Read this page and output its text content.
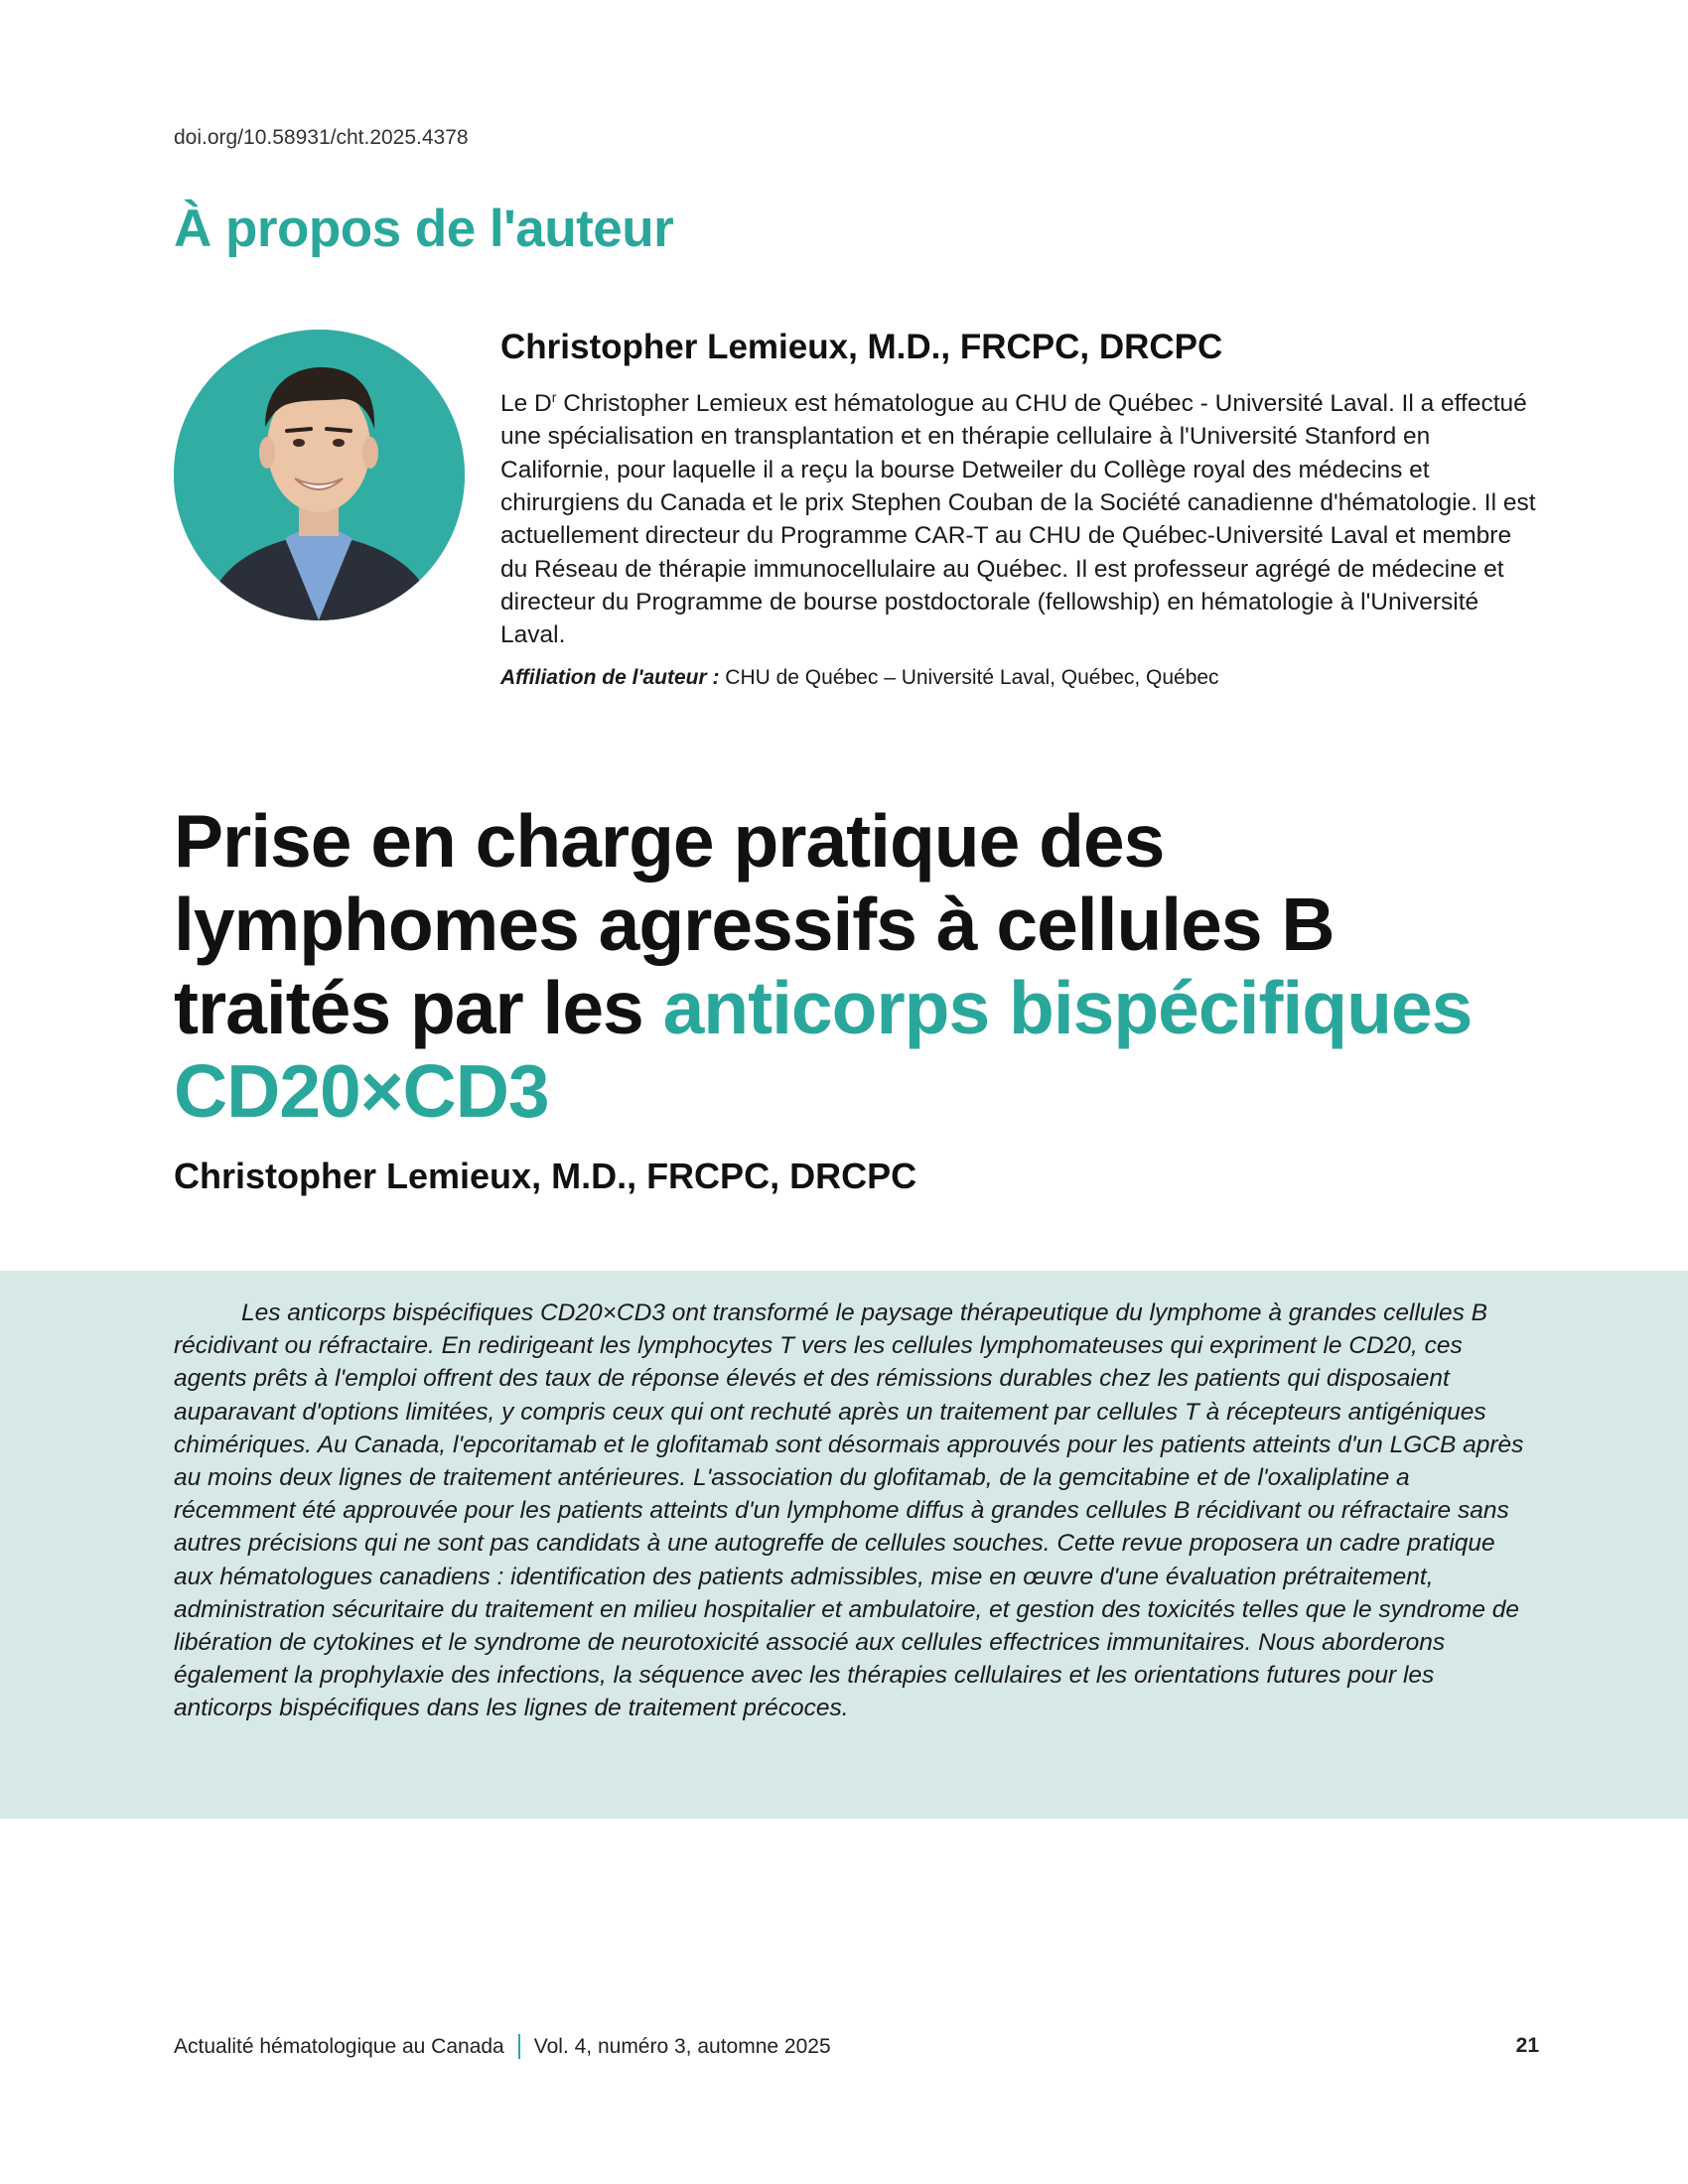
doi.org/10.58931/cht.2025.4378
À propos de l'auteur
Christopher Lemieux, M.D., FRCPC, DRCPC

Le $D^r$ Christopher Lemieux est hématologue au CHU de Québec - Université Laval. Il a effectué une spécialisation en transplantation et en thérapie cellulaire à l'Université Stanford en Californie, pour laquelle il a reçu la bourse Detweiler du Collège royal des médecins et chirurgiens du Canada et le prix Stephen Couban de la Société canadienne d'hématologie. Il est actuellement directeur du Programme CAR-T au CHU de Québec-Université Laval et membre du Réseau de thérapie immunocellulaire au Québec. Il est professeur agrégé de médecine et directeur du Programme de bourse postdoctorale (fellowship) en hématologie à l'Université Laval.

Affiliation de l'auteur : CHU de Québec – Université Laval, Québec, Québec

Prise en charge pratique des lymphomes agressifs à cellules B traités par les anticorps bispécifiques CD20×CD3

Christopher Lemieux, M.D., FRCPC, DRCPC

Les anticorps bispécifiques CD20×CD3 ont transformé le paysage thérapeutique du lymphome à grandes cellules B récidivant ou réfractaire. En redirigeant les lymphocytes T vers les cellules lymphomateuses qui expriment le CD20, ces agents prêts à l'emploi offrent des taux de réponse élevés et des rémissions durables chez les patients qui disposaient auparavant d'options limitées, y compris ceux qui ont rechuté après un traitement par cellules T à récepteurs antigéniques chimériques. Au Canada, l'epcoritamab et le glofitamab sont désormais approuvés pour les patients atteints d'un LGCB après au moins deux lignes de traitement antérieures. L'association du glofitamab, de la gemcitabine et de l'oxaliplatine a récemment été approuvée pour les patients atteints d'un lymphome diffus à grandes cellules B récidivant ou réfractaire sans autres précisions qui ne sont pas candidats à une autogreffe de cellules souches. Cette revue proposera un cadre pratique aux hématologues canadiens : identification des patients admissibles, mise en œuvre d'une évaluation prétraitement, administration sécuritaire du traitement en milieu hospitalier et ambulatoire, et gestion des toxicités telles que le syndrome de libération de cytokines et le syndrome de neurotoxicité associé aux cellules effectrices immunitaires. Nous aborderons également la prophylaxie des infections, la séquence avec les thérapies cellulaires et les orientations futures pour les anticorps bispécifiques dans les lignes de traitement précoces.

Actualité hématologique au Canada Vol. 4, numéro 3, automne 2025	21
